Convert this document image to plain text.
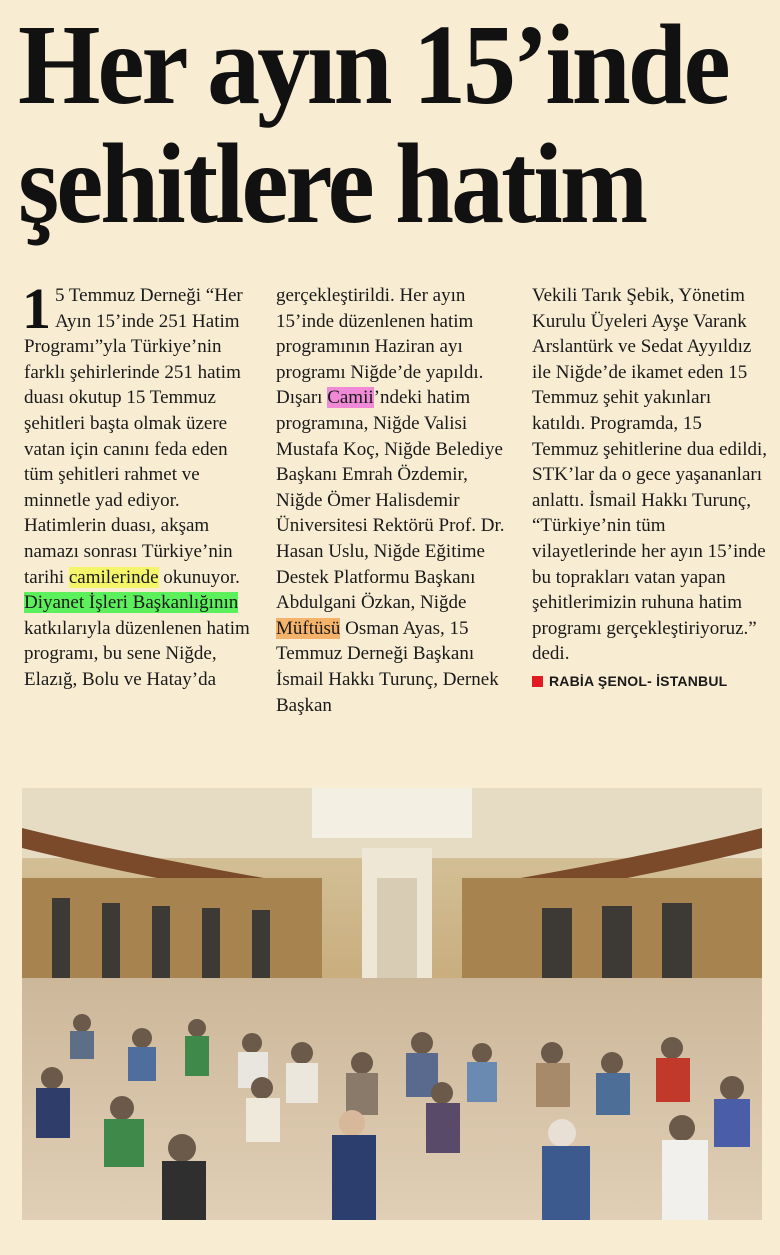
Her ayın 15’inde
şehitlere hatim

1 5 Temmuz Derneği “Her Ayın 15’inde 251 Hatim Programı”yla Türkiye’nin farklı şehirlerinde 251 hatim duası okutup 15 Temmuz şehitleri başta olmak üzere vatan için canını feda eden tüm şehitleri rahmet ve minnetle yad ediyor. Hatimlerin duası, akşam namazı sonrası Türkiye’nin tarihi camilerinde okunuyor. Diyanet İşleri Başkanlığının katkılarıyla düzenlenen hatim programı, bu sene Niğde, Elazığ, Bolu ve Hatay’da

gerçekleştirildi. Her ayın 15’inde düzenlenen hatim programının Haziran ayı programı Niğde’de yapıldı. Dışarı Camii’ndeki hatim programına, Niğde Valisi Mustafa Koç, Niğde Belediye Başkanı Emrah Özdemir, Niğde Ömer Halisdemir Üniversitesi Rektörü Prof. Dr. Hasan Uslu, Niğde Eğitime Destek Platformu Başkanı Abdulgani Özkan, Niğde Müftüsü Osman Ayas, 15 Temmuz Derneği Başkanı İsmail Hakkı Turunç, Dernek Başkan

Vekili Tarık Şebik, Yönetim Kurulu Üyeleri Ayşe Varank Arslantürk ve Sedat Ayyıldız ile Niğde’de ikamet eden 15 Temmuz şehit yakınları katıldı. Programda, 15 Temmuz şehitlerine dua edildi, STK’lar da o gece yaşananları anlattı. İsmail Hakkı Turunç, “Türkiye’nin tüm vilayetlerinde her ayın 15’inde bu toprakları vatan yapan şehitlerimizin ruhuna hatim programı gerçekleştiriyoruz.” dedi.

RABİA ŞENOL- İSTANBUL
